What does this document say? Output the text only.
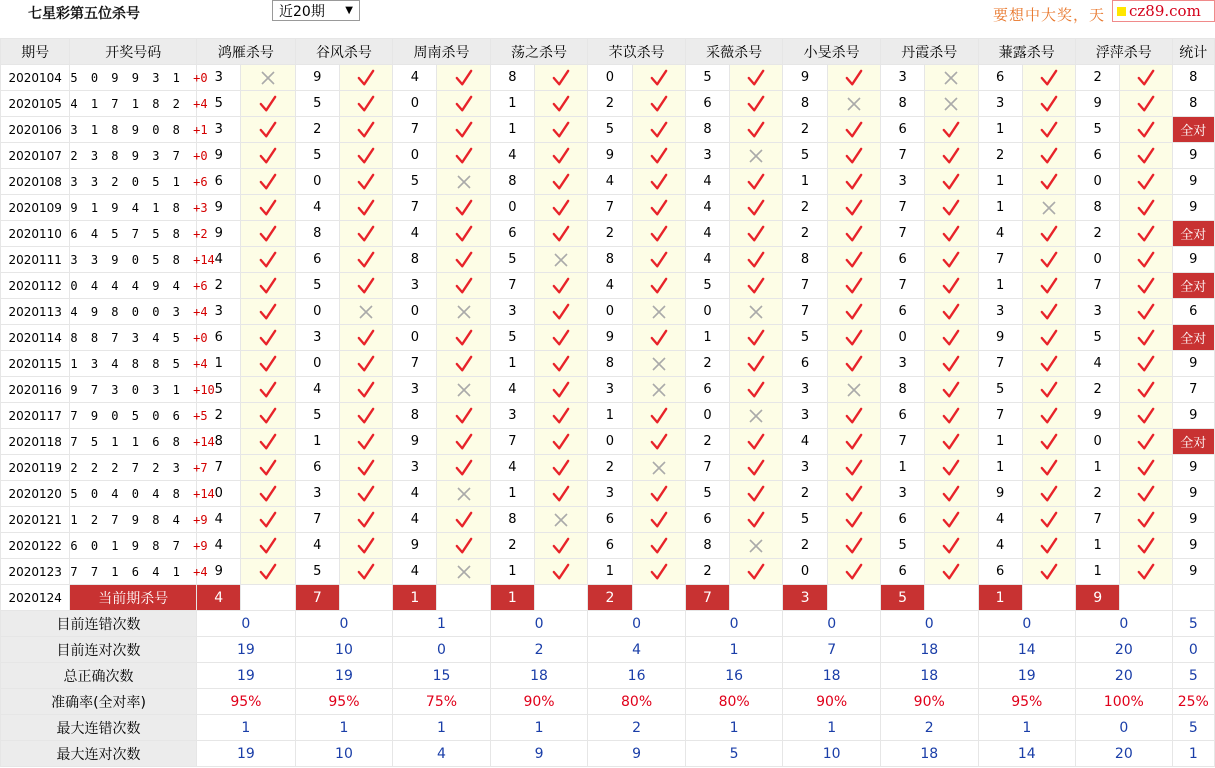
七星彩第五位杀号	近20期 ▼	要想中大奖，天 cz89.com
期号	开奖号码	鸿雁杀号		谷风杀号		周南杀号		荡之杀号		芣苡杀号		采薇杀号		小旻杀号		丹霞杀号		蒹露杀号		浮萍杀号		统计
2020104	5 0 9 9 3 1 +0	3		9		4		8		0		5		9		3		6		2		8
2020105	4 1 7 1 8 2 +4	5		5		0		1		2		6		8		8		3		9		8
2020106	3 1 8 9 0 8 +1	3		2		7		1		5		8		2		6		1		5		全对
2020107	2 3 8 9 3 7 +0	9		5		0		4		9		3		5		7		2		6		9
2020108	3 3 2 0 5 1 +6	6		0		5		8		4		4		1		3		1		0		9
2020109	9 1 9 4 1 8 +3	9		4		7		0		7		4		2		7		1		8		9
2020110	6 4 5 7 5 8 +2	9		8		4		6		2		4		2		7		4		2		全对
2020111	3 3 9 0 5 8 +14	4		6		8		5		8		4		8		6		7		0		9
2020112	0 4 4 4 9 4 +6	2		5		3		7		4		5		7		7		1		7		全对
2020113	4 9 8 0 0 3 +4	3		0		0		3		0		0		7		6		3		3		6
2020114	8 8 7 3 4 5 +0	6		3		0		5		9		1		5		0		9		5		全对
2020115	1 3 4 8 8 5 +4	1		0		7		1		8		2		6		3		7		4		9
2020116	9 7 3 0 3 1 +10	5		4		3		4		3		6		3		8		5		2		7
2020117	7 9 0 5 0 6 +5	2		5		8		3		1		0		3		6		7		9		9
2020118	7 5 1 1 6 8 +14	8		1		9		7		0		2		4		7		1		0		全对
2020119	2 2 2 7 2 3 +7	7		6		3		4		2		7		3		1		1		1		9
2020120	5 0 4 0 4 8 +14	0		3		4		1		3		5		2		3		9		2		9
2020121	1 2 7 9 8 4 +9	4		7		4		8		6		6		5		6		4		7		9
2020122	6 0 1 9 8 7 +9	4		4		9		2		6		8		2		5		4		1		9
2020123	7 7 1 6 4 1 +4	9		5		4		1		1		2		0		6		6		1		9
2020124	当前期杀号	4		7		1		1		2		7		3		5		1		9		
目前连错次数		0		0		1		0		0		0		0		0		0		0		5
目前连对次数		19		10		0		2		4		1		7		18		14		20		0
总正确次数		19		19		15		18		16		16		18		18		19		20		5
准确率(全对率)		95%		95%		75%		90%		80%		80%		90%		90%		95%		100%		25%
最大连错次数		1		1		1		1		2		1		1		2		1		0		5
最大连对次数		19		10		4		9		9		5		10		18		14		20		1
